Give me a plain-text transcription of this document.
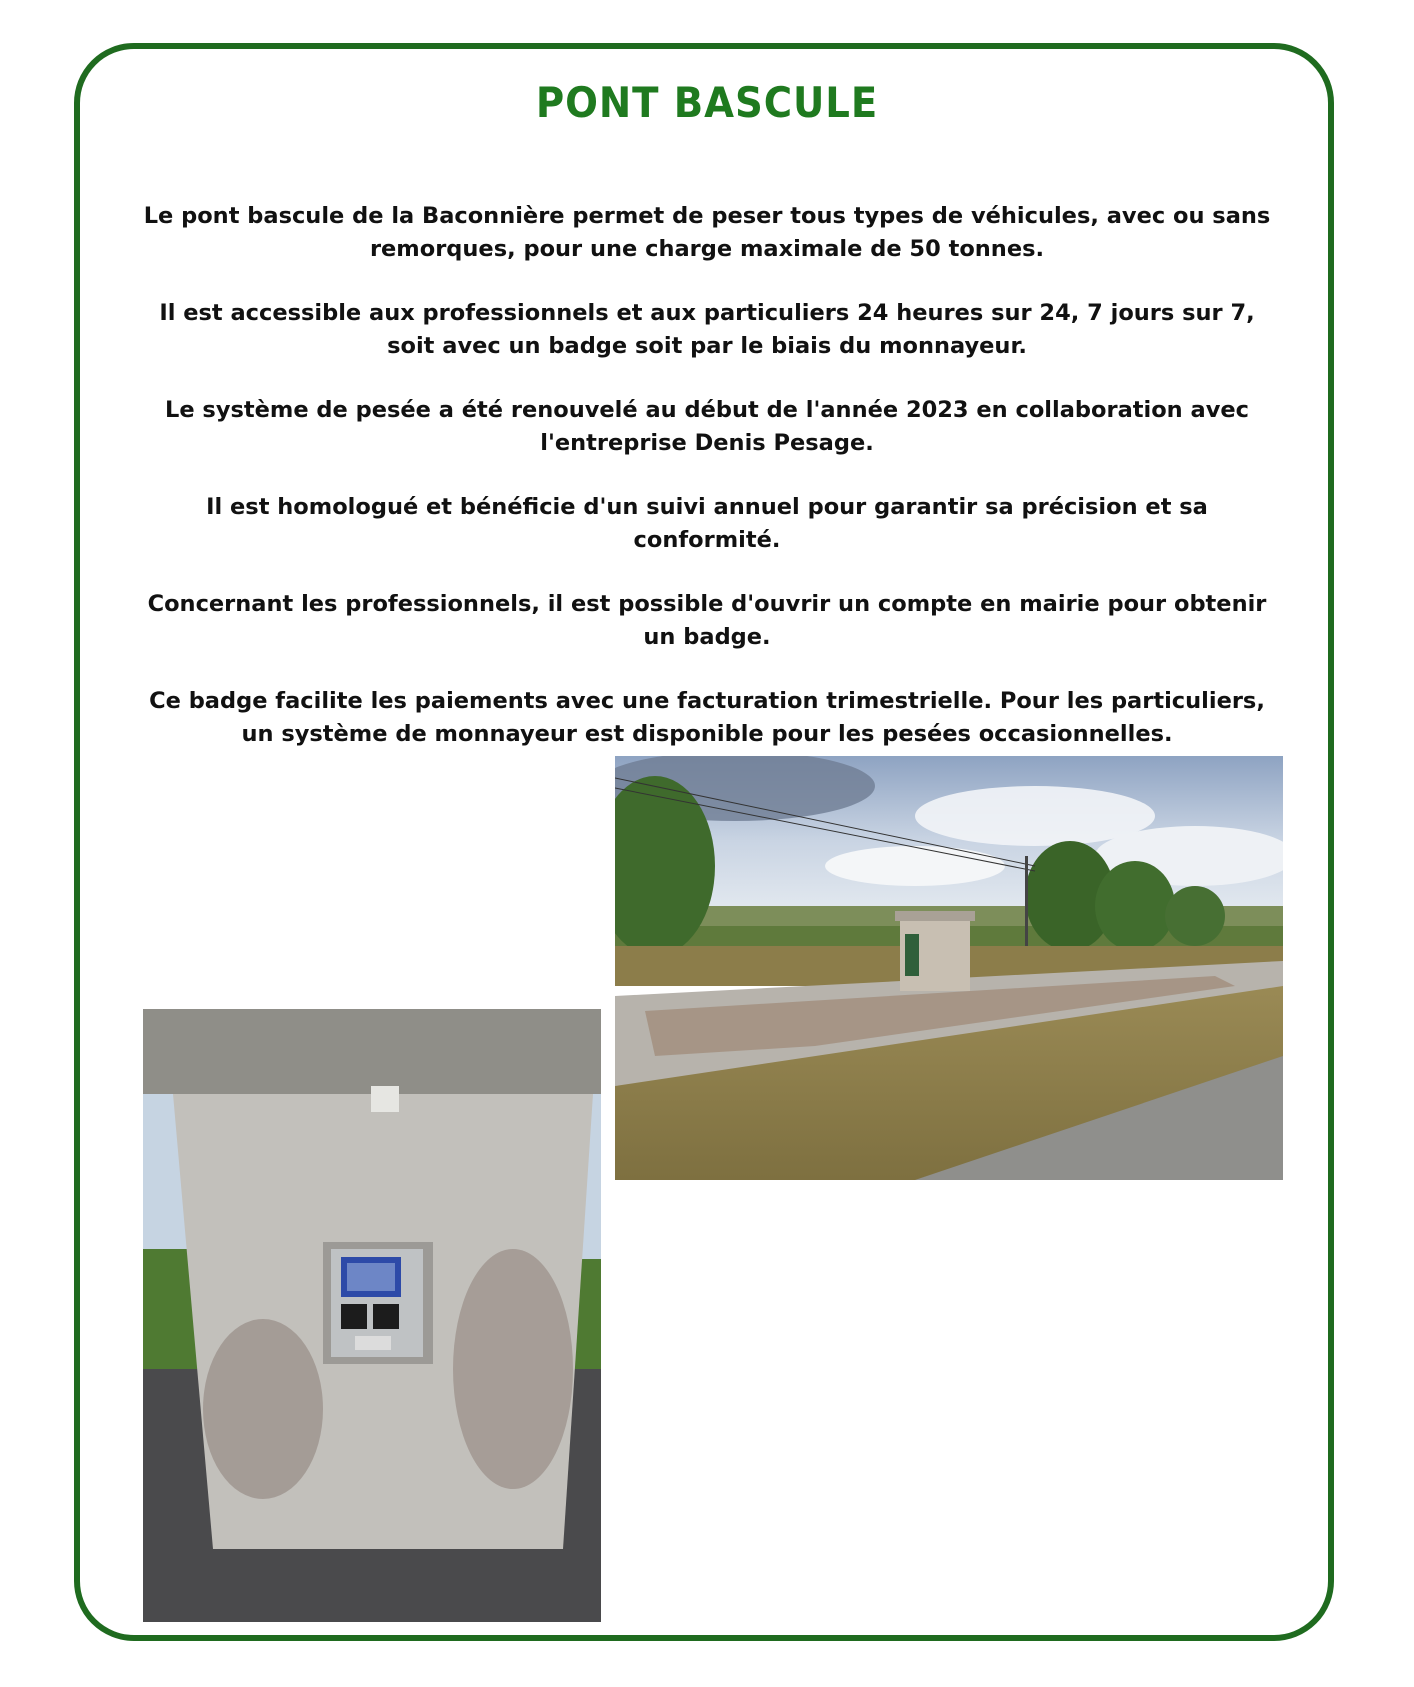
PONT BASCULE

Le pont bascule de la Baconnière permet de peser tous types de véhicules, avec ou sans remorques, pour une charge maximale de 50 tonnes.

Il est accessible aux professionnels et aux particuliers 24 heures sur 24, 7 jours sur 7, soit avec un badge soit par le biais du monnayeur.

Le système de pesée a été renouvelé au début de l'année 2023 en collaboration avec l'entreprise Denis Pesage.

Il est homologué et bénéficie d'un suivi annuel pour garantir sa précision et sa conformité.

Concernant les professionnels, il est possible d'ouvrir un compte en mairie pour obtenir un badge.

Ce badge facilite les paiements avec une facturation trimestrielle. Pour les particuliers, un système de monnayeur est disponible pour les pesées occasionnelles.
